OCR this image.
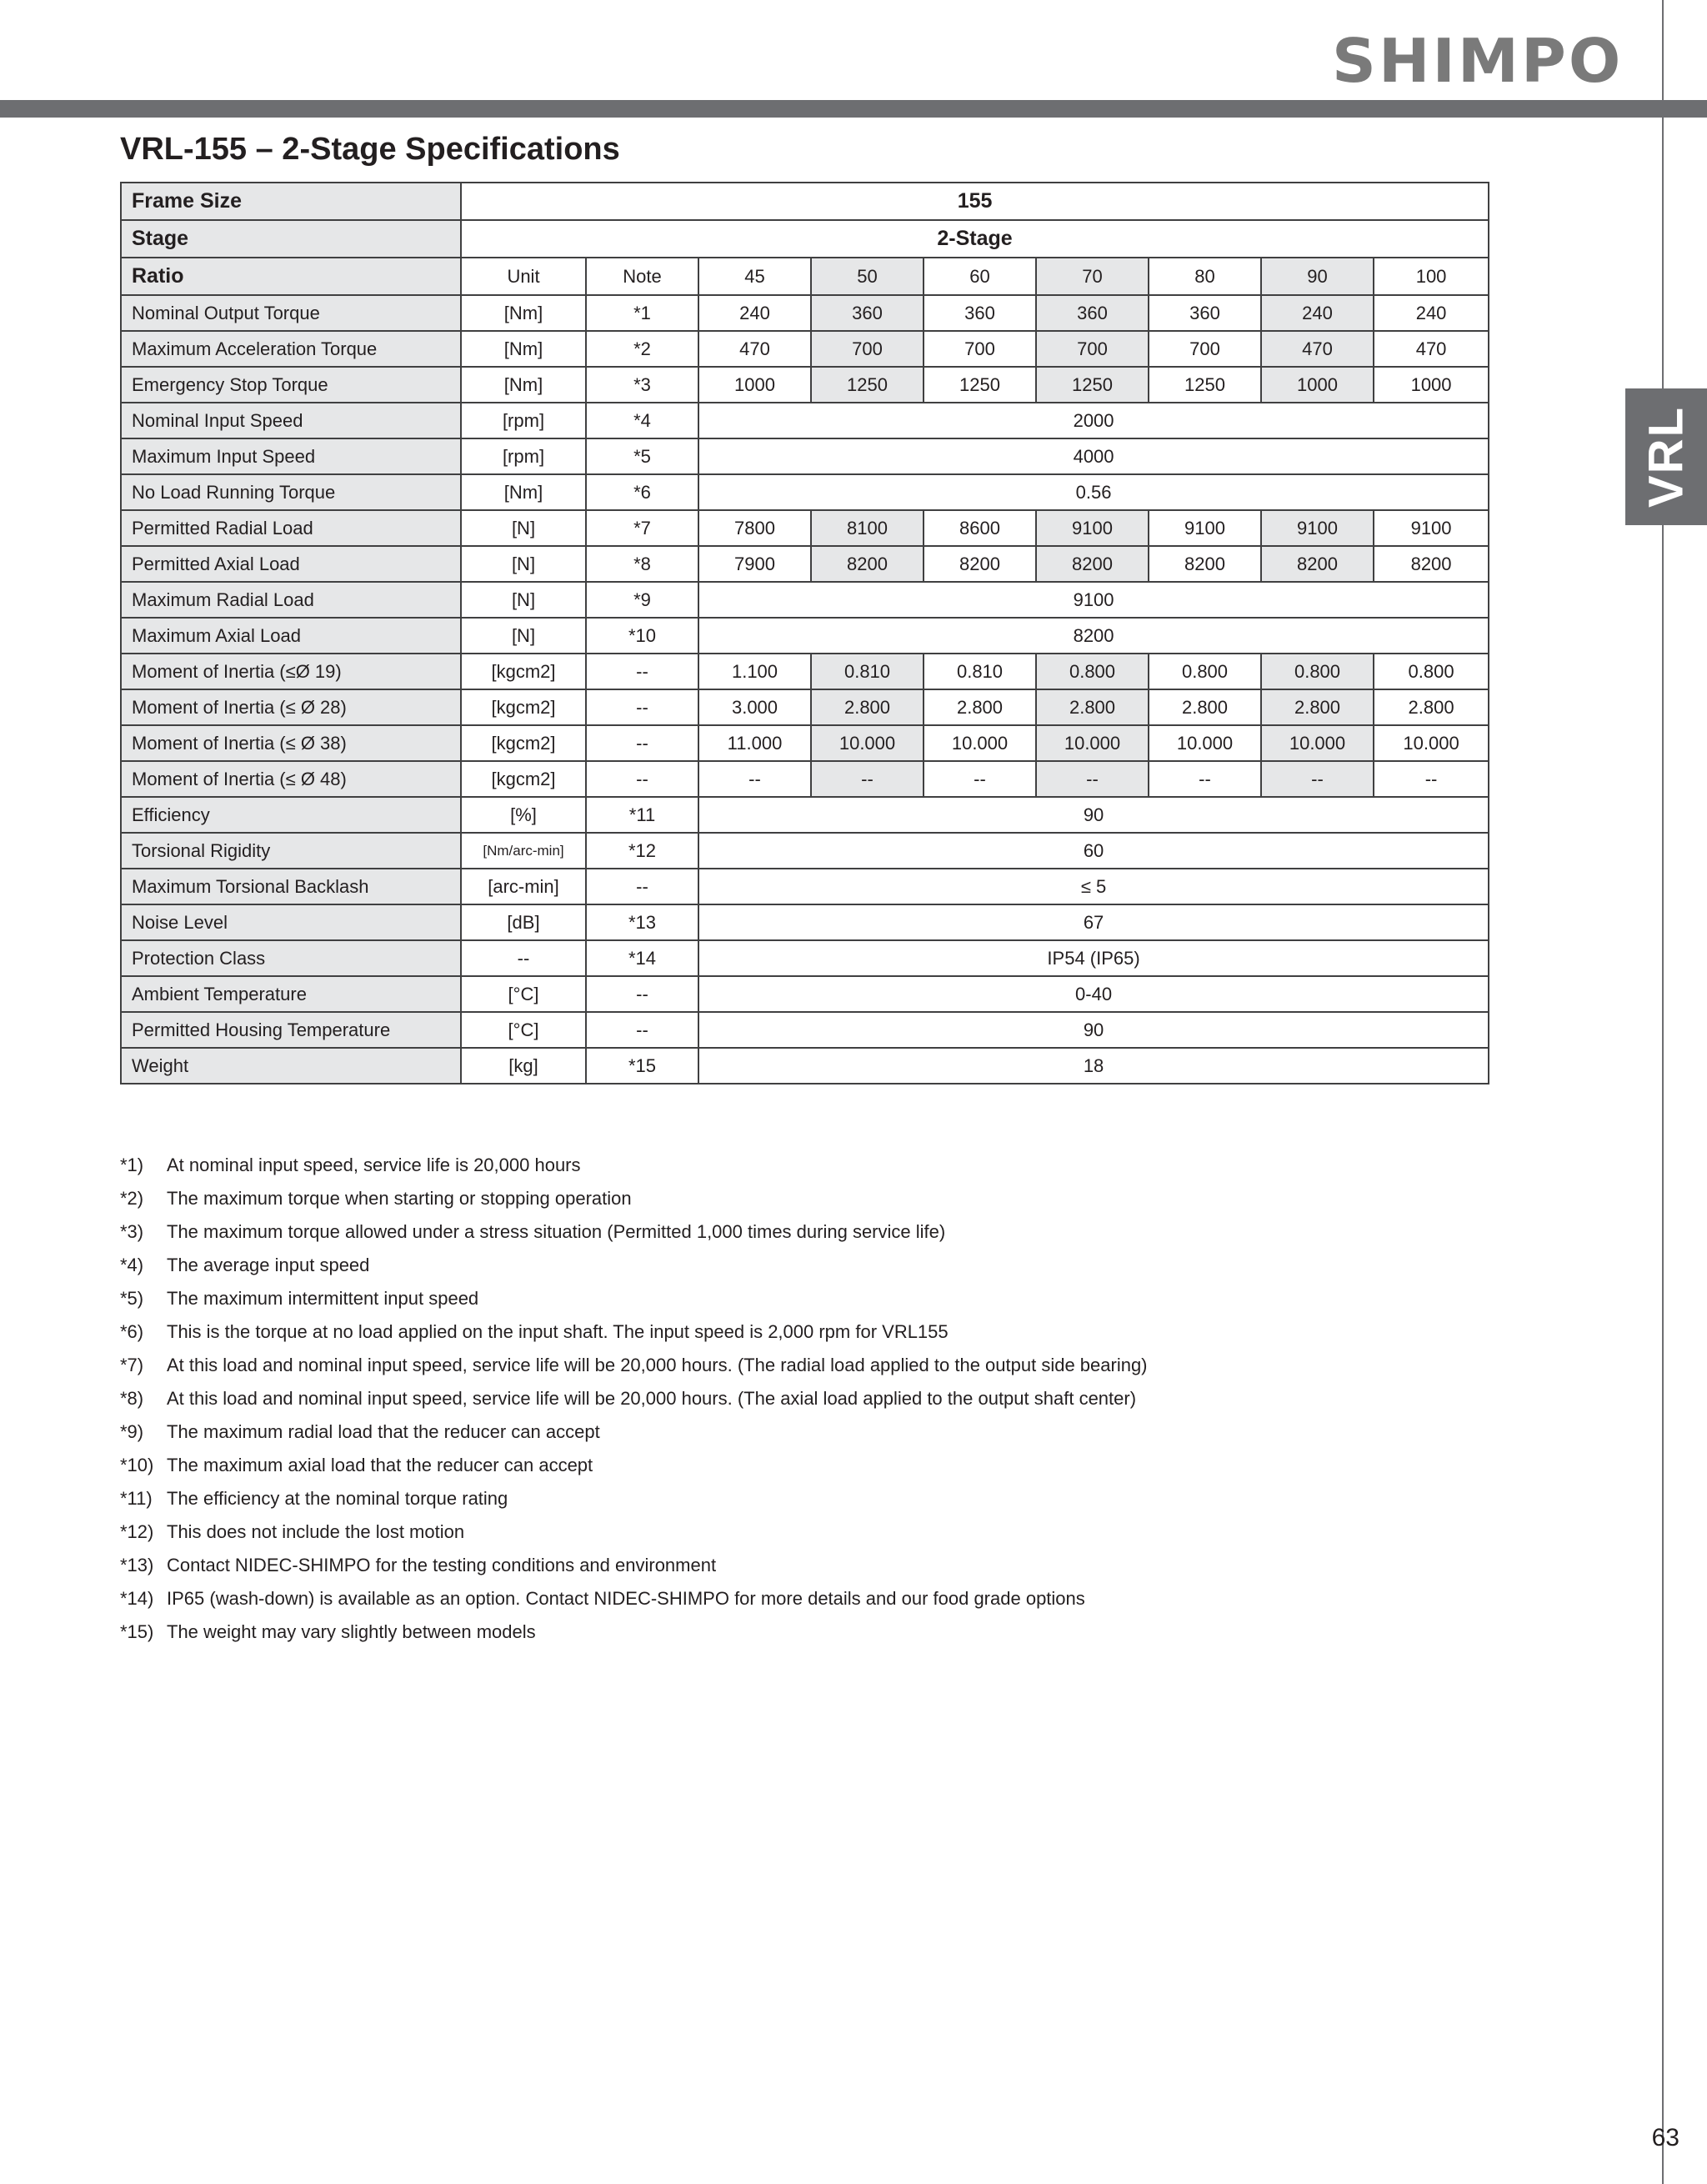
SHIMPO
VRL
VRL-155 – 2-Stage Specifications
Frame Size	155								
Stage	2-Stage								
Ratio	Unit	Note	45	50	60	70	80	90	100
Nominal Output Torque	[Nm]	*1	240	360	360	360	360	240	240
Maximum Acceleration Torque	[Nm]	*2	470	700	700	700	700	470	470
Emergency Stop Torque	[Nm]	*3	1000	1250	1250	1250	1250	1000	1000
Nominal Input Speed	[rpm]	*4	2000						
Maximum Input Speed	[rpm]	*5	4000						
No Load Running Torque	[Nm]	*6	0.56						
Permitted Radial Load	[N]	*7	7800	8100	8600	9100	9100	9100	9100
Permitted Axial Load	[N]	*8	7900	8200	8200	8200	8200	8200	8200
Maximum Radial Load	[N]	*9	9100						
Maximum Axial Load	[N]	*10	8200						
Moment of Inertia (≤Ø 19)	[kgcm2]	--	1.100	0.810	0.810	0.800	0.800	0.800	0.800
Moment of Inertia (≤ Ø 28)	[kgcm2]	--	3.000	2.800	2.800	2.800	2.800	2.800	2.800
Moment of Inertia (≤ Ø 38)	[kgcm2]	--	11.000	10.000	10.000	10.000	10.000	10.000	10.000
Moment of Inertia (≤ Ø 48)	[kgcm2]	--	--	--	--	--	--	--	--
Efficiency	[%]	*11	90						
Torsional Rigidity	[Nm/arc-min]	*12	60						
Maximum Torsional Backlash	[arc-min]	--	≤ 5						
Noise Level	[dB]	*13	67						
Protection Class	--	*14	IP54 (IP65)						
Ambient Temperature	[°C]	--	0-40						
Permitted Housing Temperature	[°C]	--	90						
Weight	[kg]	*15	18						
*1)	At nominal input speed, service life is 20,000 hours
*2)	The maximum torque when starting or stopping operation
*3)	The maximum torque allowed under a stress situation (Permitted 1,000 times during service life)
*4)	The average input speed
*5)	The maximum intermittent input speed
*6)	This is the torque at no load applied on the input shaft. The input speed is 2,000 rpm for VRL155
*7)	At this load and nominal input speed, service life will be 20,000 hours. (The radial load applied to the output side bearing)
*8)	At this load and nominal input speed, service life will be 20,000 hours. (The axial load applied to the output shaft center)
*9)	The maximum radial load that the reducer can accept
*10) The maximum axial load that the reducer can accept
*11) The efficiency at the nominal torque rating
*12) This does not include the lost motion
*13) Contact NIDEC-SHIMPO for the testing conditions and environment
*14) IP65 (wash-down) is available as an option. Contact NIDEC-SHIMPO for more details and our food grade options
*15) The weight may vary slightly between models
63
